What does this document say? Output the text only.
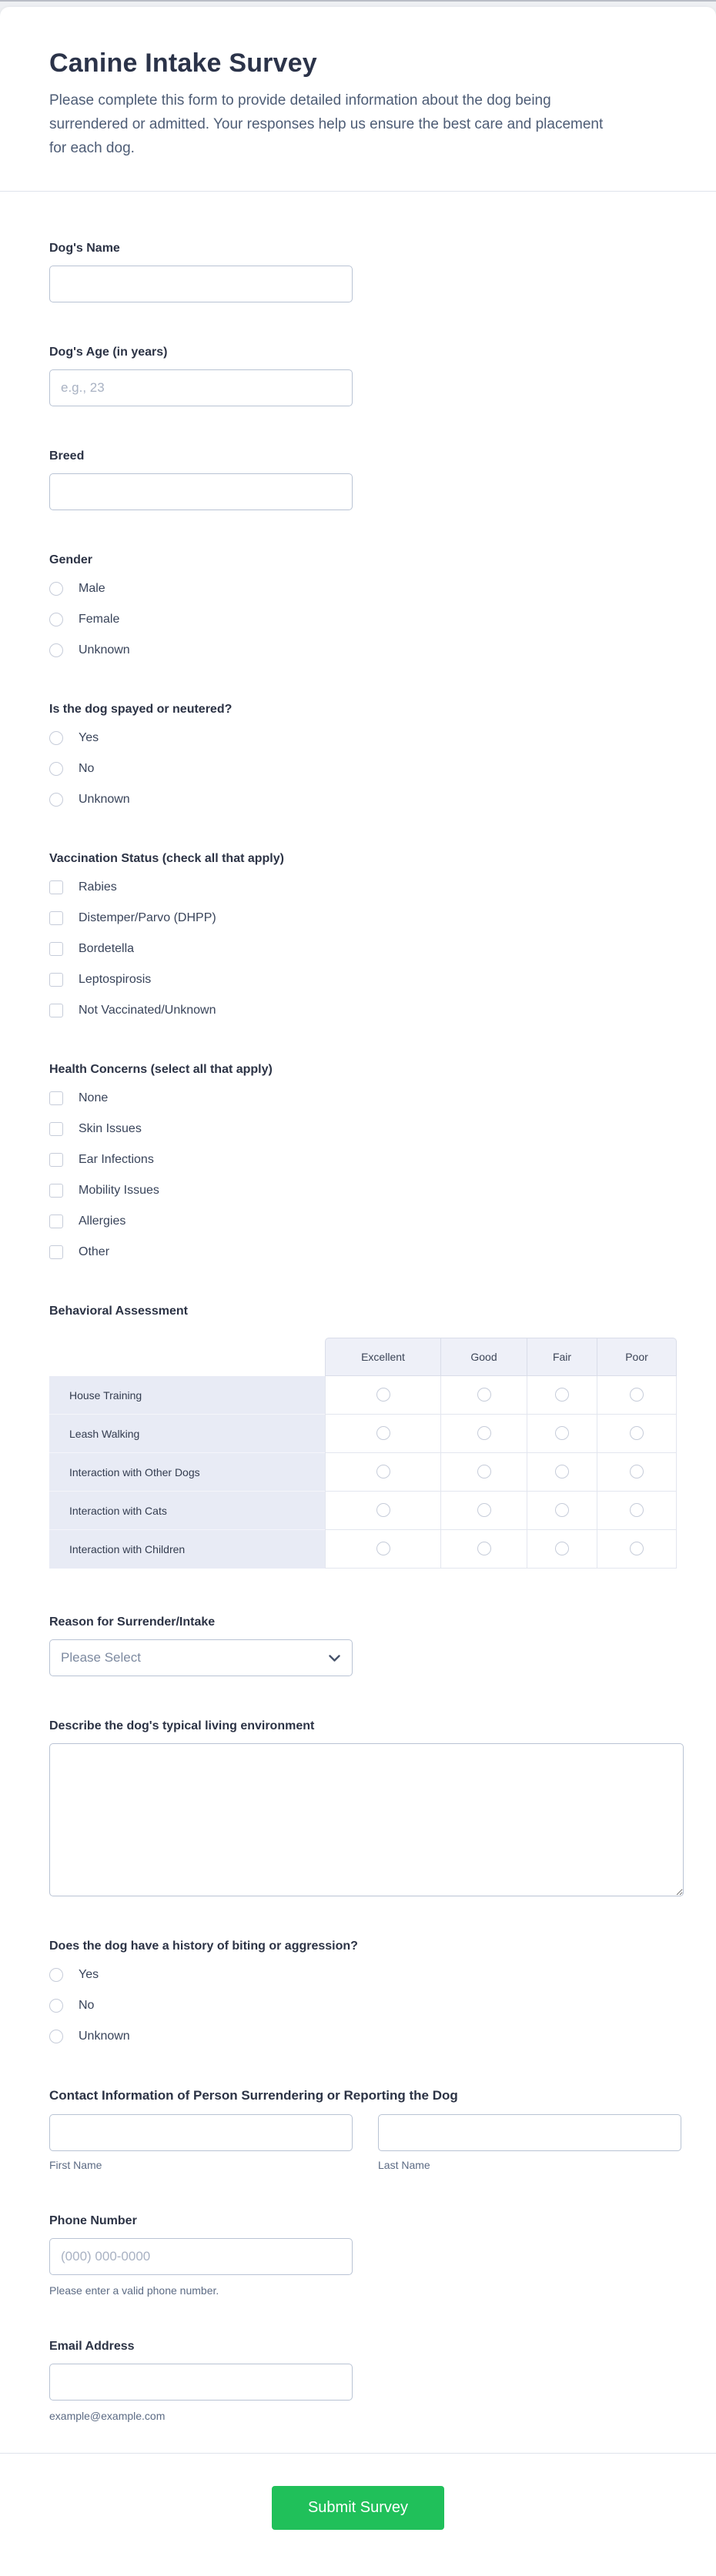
Canine Intake Survey
Please complete this form to provide detailed information about the dog being surrendered or admitted. Your responses help us ensure the best care and placement for each dog.
Dog's Name
Dog's Age (in years)
e.g., 23
Breed
Gender
Male
Female
Unknown
Is the dog spayed or neutered?
Yes
No
Unknown
Vaccination Status (check all that apply)
Rabies
Distemper/Parvo (DHPP)
Bordetella
Leptospirosis
Not Vaccinated/Unknown
Health Concerns (select all that apply)
None
Skin Issues
Ear Infections
Mobility Issues
Allergies
Other
Behavioral Assessment
	Excellent	Good	Fair	Poor
House Training				
Leash Walking				
Interaction with Other Dogs				
Interaction with Cats				
Interaction with Children				
Reason for Surrender/Intake
Please Select
Describe the dog's typical living environment
Does the dog have a history of biting or aggression?
Yes
No
Unknown
Contact Information of Person Surrendering or Reporting the Dog
First Name	Last Name
Phone Number
(000) 000-0000
Please enter a valid phone number.
Email Address
example@example.com
Submit Survey
